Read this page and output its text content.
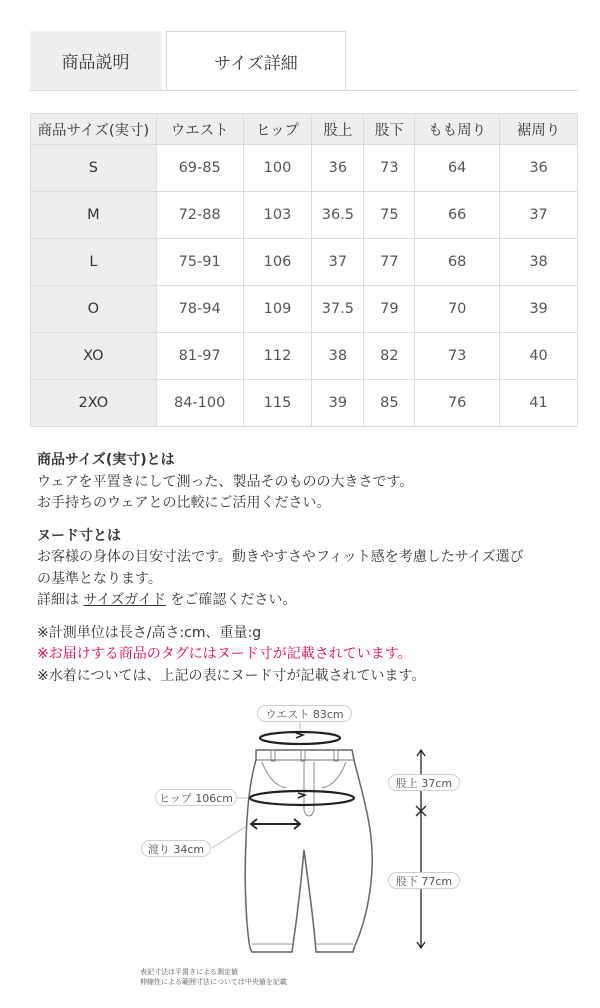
商品説明	サイズ詳細
商品サイズ(実寸)	ウエスト	ヒップ	股上	股下	もも周り	裾周り
S	69-85	100	36	73	64	36
M	72-88	103	36.5	75	66	37
L	75-91	106	37	77	68	38
O	78-94	109	37.5	79	70	39
XO	81-97	112	38	82	73	40
2XO	84-100	115	39	85	76	41

商品サイズ(実寸)とは

ウェアを平置きにして測った、製品そのものの大きさです。

お手持ちのウェアとの比較にご活用ください。

ヌード寸とは

お客様の身体の目安寸法です。動きやすさやフィット感を考慮したサイズ選び

の基準となります。

詳細は サイズガイド をご確認ください。

※計測単位は長さ/高さ:cm、重量:g

※お届けする商品のタグにはヌード寸が記載されています。

※水着については、上記の表にヌード寸が記載されています。

ウエスト 83cm
ヒップ 106cm
渡り 34cm
股上 37cm
股下 77cm
表記寸法は平置きによる測定値
伸縮性による範囲寸法については中央値を記載
